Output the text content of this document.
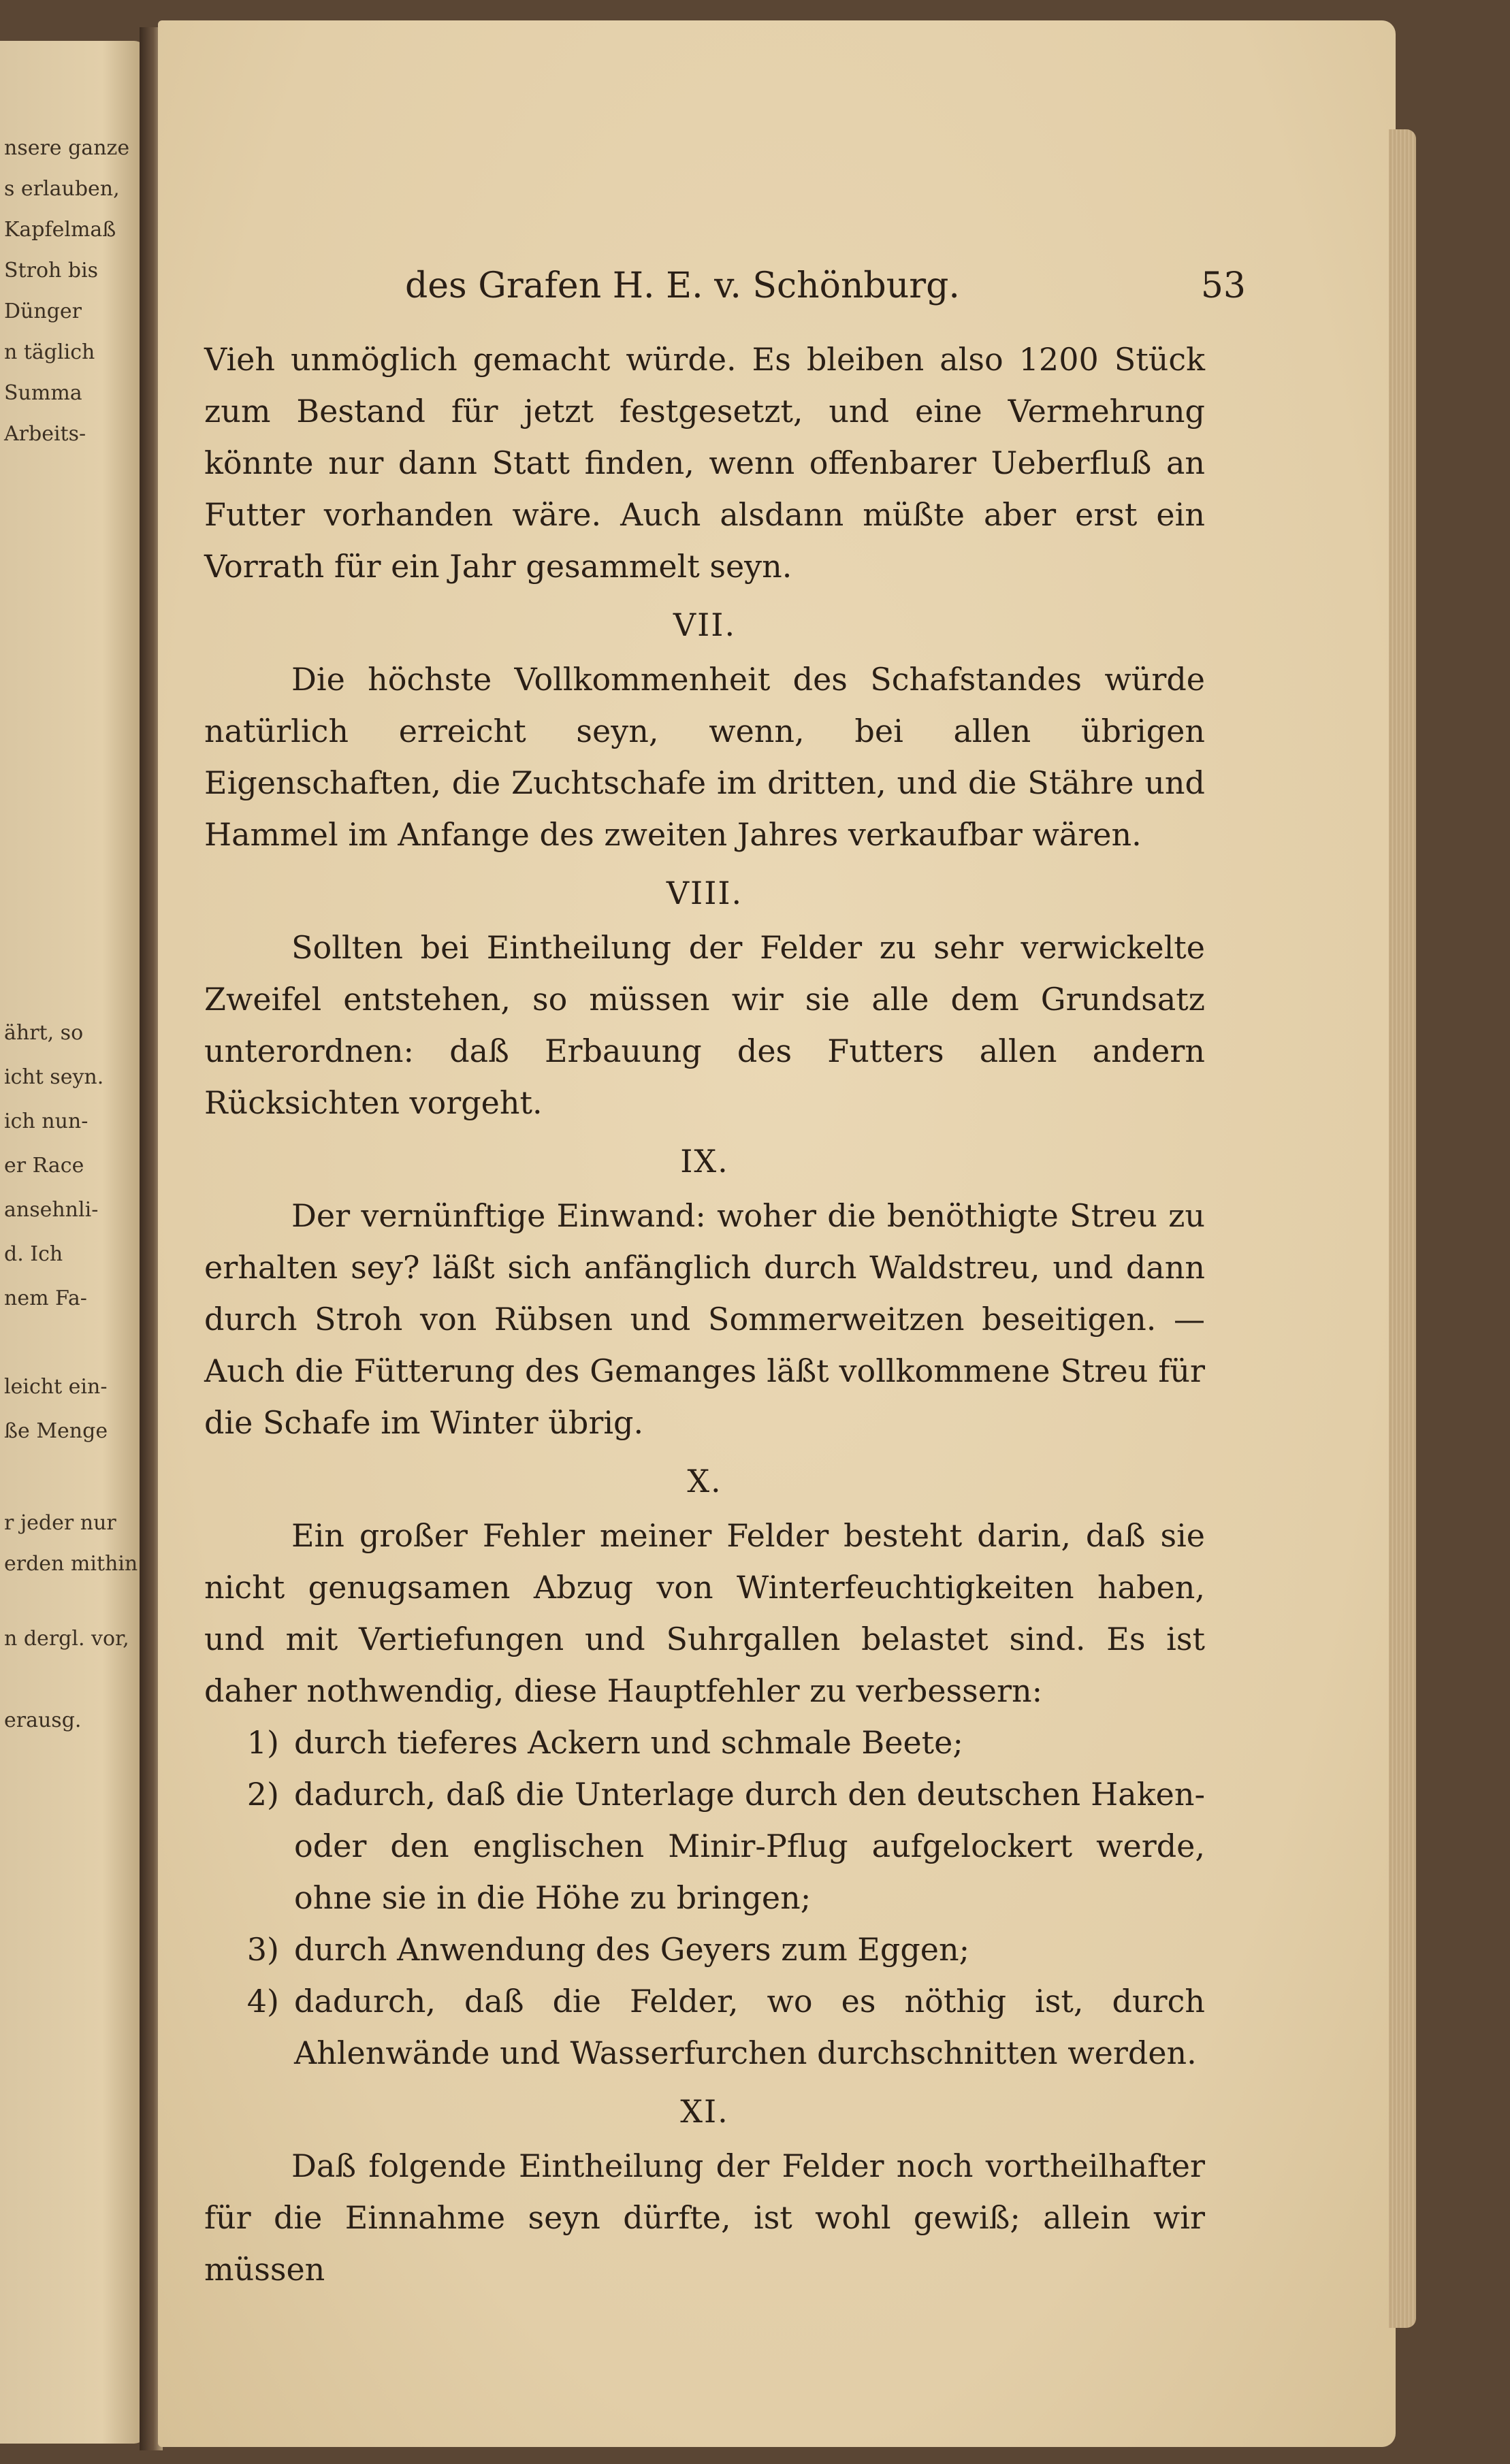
nsere ganze
s erlauben,
Kapfelmaß
Stroh bis
Dünger
n täglich
Summa
Arbeits-
ährt, so
icht seyn.
ich nun-
er Race
ansehnli-
d. Ich
nem Fa-
leicht ein-
ße Menge
r jeder nur
erden mithin
n dergl. vor,
erausg.
des Grafen H. E. v. Schönburg.	53

Vieh unmöglich gemacht würde. Es bleiben also 1200 Stück zum Bestand für jetzt festgesetzt, und eine Vermehrung könnte nur dann Statt finden, wenn offenbarer Ueberfluß an Futter vorhanden wäre. Auch alsdann müßte aber erst ein Vorrath für ein Jahr gesammelt seyn.

VII.

Die höchste Vollkommenheit des Schafstandes würde natürlich erreicht seyn, wenn, bei allen übrigen Eigenschaften, die Zuchtschafe im dritten, und die Stähre und Hammel im Anfange des zweiten Jahres verkaufbar wären.

VIII.

Sollten bei Eintheilung der Felder zu sehr verwickelte Zweifel entstehen, so müssen wir sie alle dem Grundsatz unterordnen: daß Erbauung des Futters allen andern Rücksichten vorgeht.

IX.

Der vernünftige Einwand: woher die benöthigte Streu zu erhalten sey? läßt sich anfänglich durch Waldstreu, und dann durch Stroh von Rübsen und Sommerweitzen beseitigen. — Auch die Fütterung des Gemanges läßt vollkommene Streu für die Schafe im Winter übrig.

X.

Ein großer Fehler meiner Felder besteht darin, daß sie nicht genugsamen Abzug von Winterfeuchtigkeiten haben, und mit Vertiefungen und Suhrgallen belastet sind. Es ist daher nothwendig, diese Hauptfehler zu verbessern:

1) durch tieferes Ackern und schmale Beete;
2) dadurch, daß die Unterlage durch den deutschen Haken- oder den englischen Minir-Pflug aufgelockert werde, ohne sie in die Höhe zu bringen;
3) durch Anwendung des Geyers zum Eggen;
4) dadurch, daß die Felder, wo es nöthig ist, durch Ahlenwände und Wasserfurchen durchschnitten werden.
XI.

Daß folgende Eintheilung der Felder noch vortheilhafter für die Einnahme seyn dürfte, ist wohl gewiß; allein wir müssen
